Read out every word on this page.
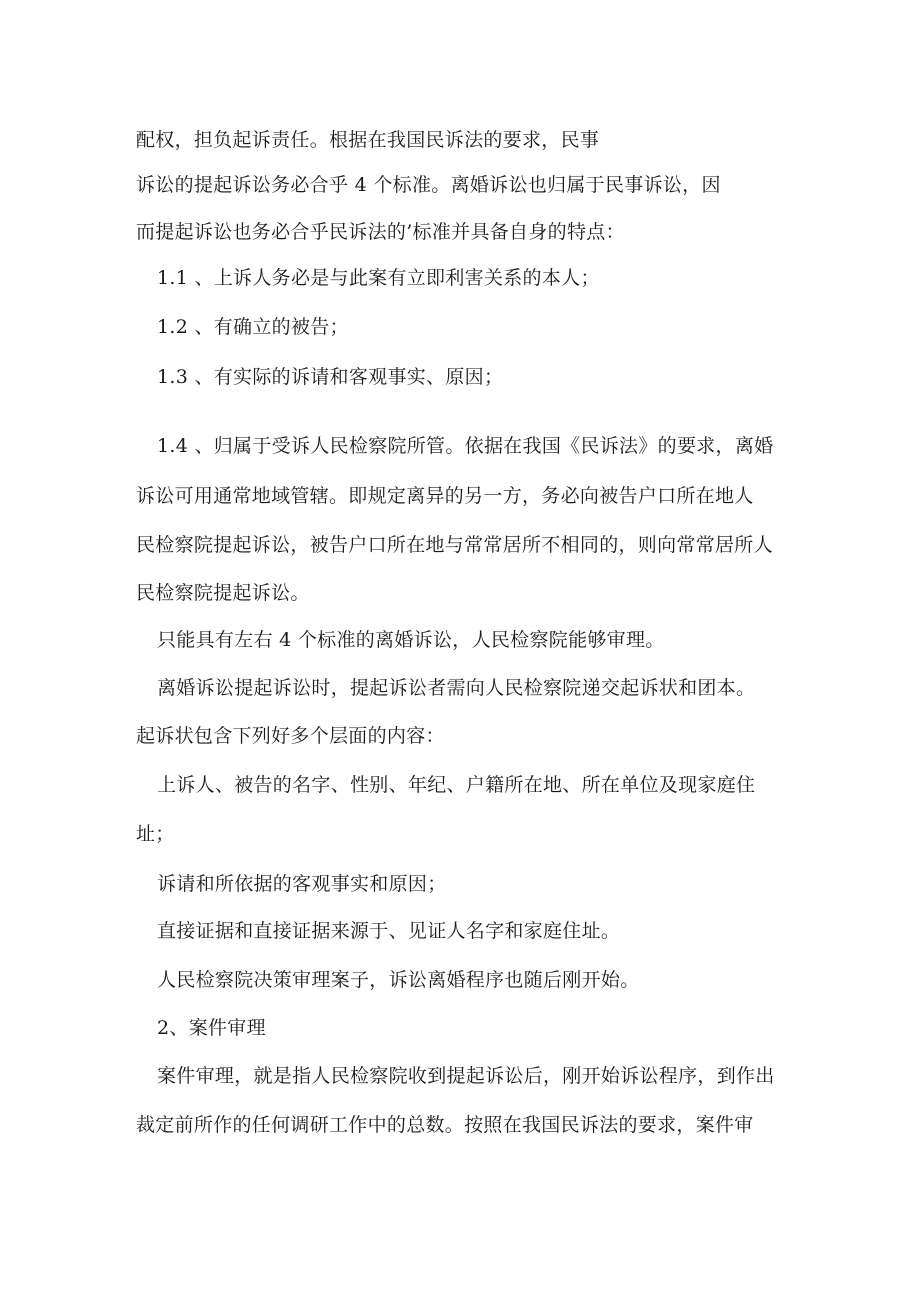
配权，担负起诉责任。根据在我国民诉法的要求，民事
诉讼的提起诉讼务必合乎 4 个标准。离婚诉讼也归属于民事诉讼，因
而提起诉讼也务必合乎民诉法的’标准并具备自身的特点：
1.1 、上诉人务必是与此案有立即利害关系的本人；
1.2 、有确立的被告；
1.3 、有实际的诉请和客观事实、原因；
1.4 、归属于受诉人民检察院所管。依据在我国《民诉法》的要求，离婚
诉讼可用通常地域管辖。即规定离异的另一方，务必向被告户口所在地人
民检察院提起诉讼，被告户口所在地与常常居所不相同的，则向常常居所人
民检察院提起诉讼。
只能具有左右 4 个标准的离婚诉讼，人民检察院能够审理。
离婚诉讼提起诉讼时，提起诉讼者需向人民检察院递交起诉状和团本。
起诉状包含下列好多个层面的内容：
上诉人、被告的名字、性别、年纪、户籍所在地、所在单位及现家庭住
址；
诉请和所依据的客观事实和原因；
直接证据和直接证据来源于、见证人名字和家庭住址。
人民检察院决策审理案子，诉讼离婚程序也随后刚开始。
2、案件审理
案件审理，就是指人民检察院收到提起诉讼后，刚开始诉讼程序，到作出
裁定前所作的任何调研工作中的总数。按照在我国民诉法的要求，案件审
